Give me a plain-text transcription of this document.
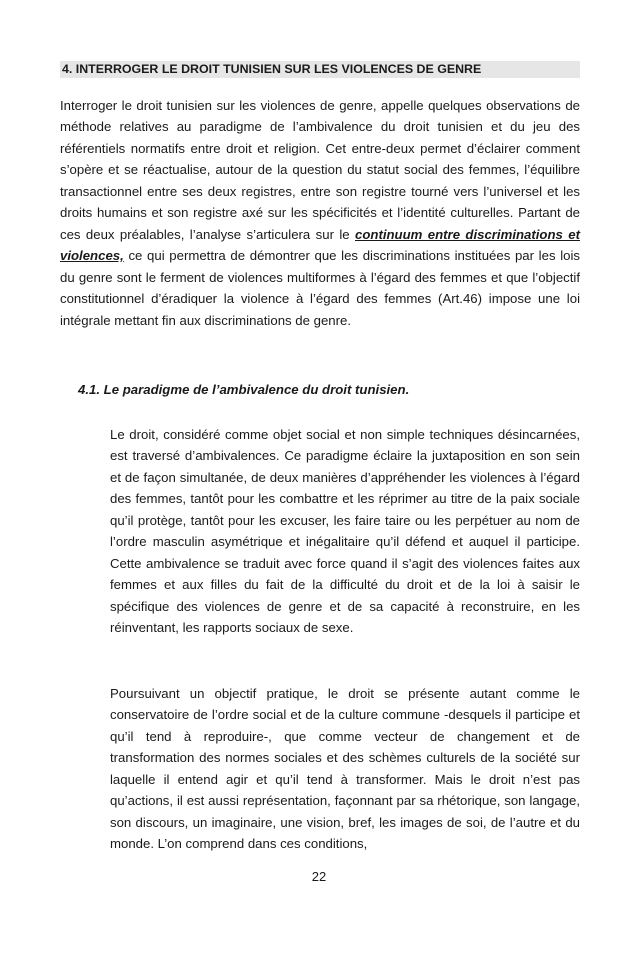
4. INTERROGER LE DROIT TUNISIEN SUR LES VIOLENCES DE GENRE

Interroger le droit tunisien sur les violences de genre, appelle quelques observations de méthode relatives au paradigme de l’ambivalence du droit tunisien et du jeu des référentiels normatifs entre droit et religion. Cet entre-deux permet d’éclairer comment s’opère et se réactualise, autour de la question du statut social des femmes, l’équilibre transactionnel entre ses deux registres, entre son registre tourné vers l’universel et les droits humains et son registre axé sur les spécificités et l’identité culturelles. Partant de ces deux préalables, l’analyse s’articulera sur le continuum entre discriminations et violences, ce qui permettra de démontrer que les discriminations instituées par les lois du genre sont le ferment de violences multiformes à l’égard des femmes et que l’objectif constitutionnel d’éradiquer la violence à l’égard des femmes (Art.46) impose une loi intégrale mettant fin aux discriminations de genre.

4.1. Le paradigme de l’ambivalence du droit tunisien.

Le droit, considéré comme objet social et non simple techniques désincarnées, est traversé d’ambivalences. Ce paradigme éclaire la juxtaposition en son sein et de façon simultanée, de deux manières d’appréhender les violences à l’égard des femmes, tantôt pour les combattre et les réprimer au titre de la paix sociale qu’il protège, tantôt pour les excuser, les faire taire ou les perpétuer au nom de l’ordre masculin asymétrique et inégalitaire qu’il défend et auquel il participe. Cette ambivalence se traduit avec force quand il s’agit des violences faites aux femmes et aux filles du fait de la difficulté du droit et de la loi à saisir le spécifique des violences de genre et de sa capacité à reconstruire, en les réinventant, les rapports sociaux de sexe.

Poursuivant un objectif pratique, le droit se présente autant comme le conservatoire de l’ordre social et de la culture commune -desquels il participe et qu’il tend à reproduire-, que comme vecteur de changement et de transformation des normes sociales et des schèmes culturels de la société sur laquelle il entend agir et qu’il tend à transformer. Mais le droit n’est pas qu’actions, il est aussi représentation, façonnant par sa rhétorique, son langage, son discours, un imaginaire, une vision, bref, les images de soi, de l’autre et du monde. L’on comprend dans ces conditions,

22
